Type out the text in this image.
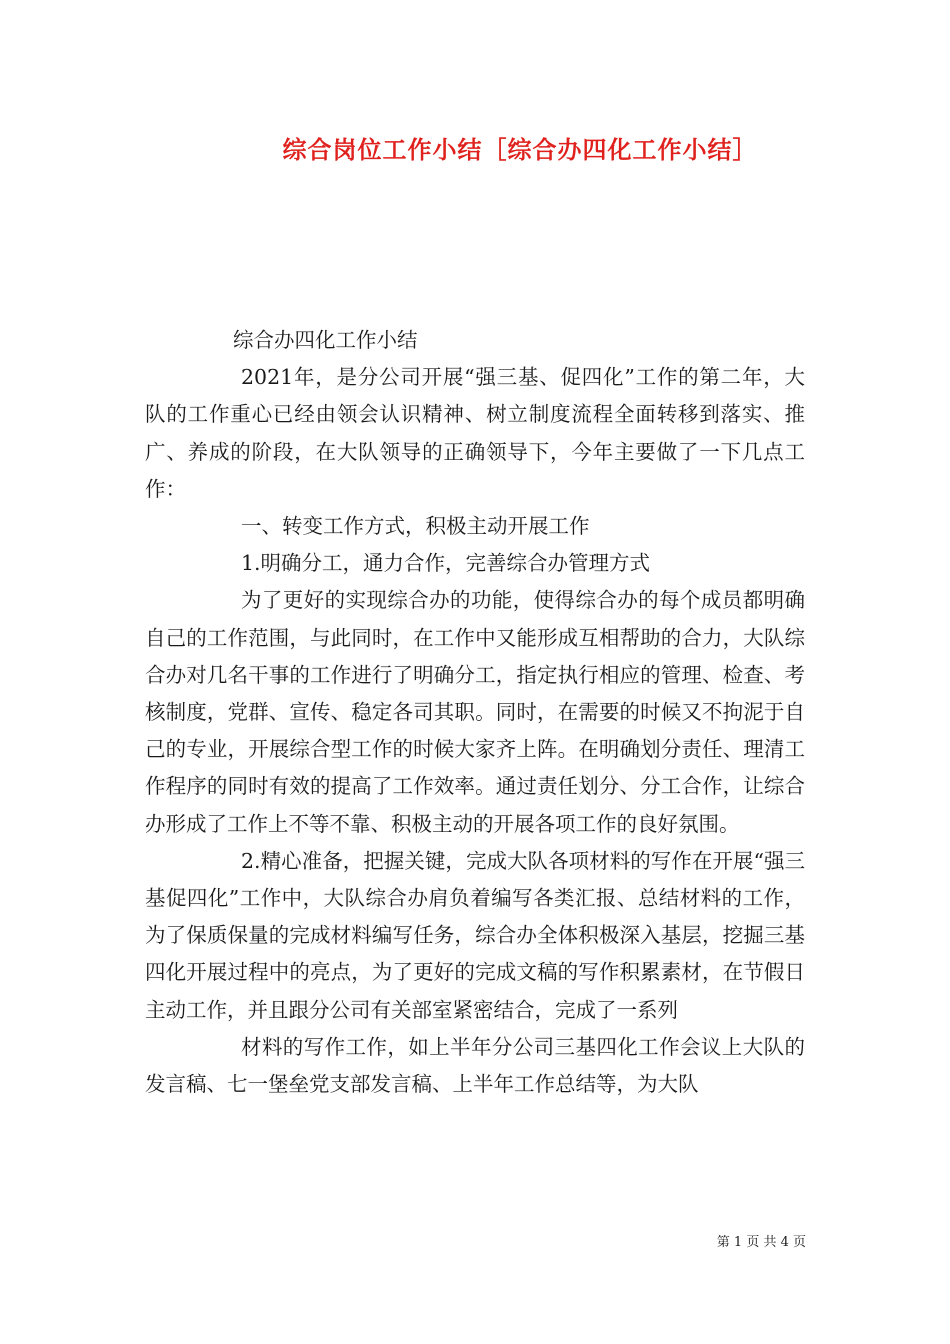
综合岗位工作小结［综合办四化工作小结］

综合办四化工作小结

2021年，是分公司开展“强三基、促四化”工作的第二年，大队的工作重心已经由领会认识精神、树立制度流程全面转移到落实、推广、养成的阶段，在大队领导的正确领导下，今年主要做了一下几点工作：

一、转变工作方式，积极主动开展工作

1.明确分工，通力合作，完善综合办管理方式

为了更好的实现综合办的功能，使得综合办的每个成员都明确自己的工作范围，与此同时，在工作中又能形成互相帮助的合力，大队综合办对几名干事的工作进行了明确分工，指定执行相应的管理、检查、考核制度，党群、宣传、稳定各司其职。同时，在需要的时候又不拘泥于自己的专业，开展综合型工作的时候大家齐上阵。在明确划分责任、理清工作程序的同时有效的提高了工作效率。通过责任划分、分工合作，让综合办形成了工作上不等不靠、积极主动的开展各项工作的良好氛围。

2.精心准备，把握关键，完成大队各项材料的写作在开展“强三基促四化”工作中，大队综合办肩负着编写各类汇报、总结材料的工作，为了保质保量的完成材料编写任务，综合办全体积极深入基层，挖掘三基四化开展过程中的亮点，为了更好的完成文稿的写作积累素材，在节假日主动工作，并且跟分公司有关部室紧密结合，完成了一系列

材料的写作工作，如上半年分公司三基四化工作会议上大队的发言稿、七一堡垒党支部发言稿、上半年工作总结等，为大队

第 1 页 共 4 页
